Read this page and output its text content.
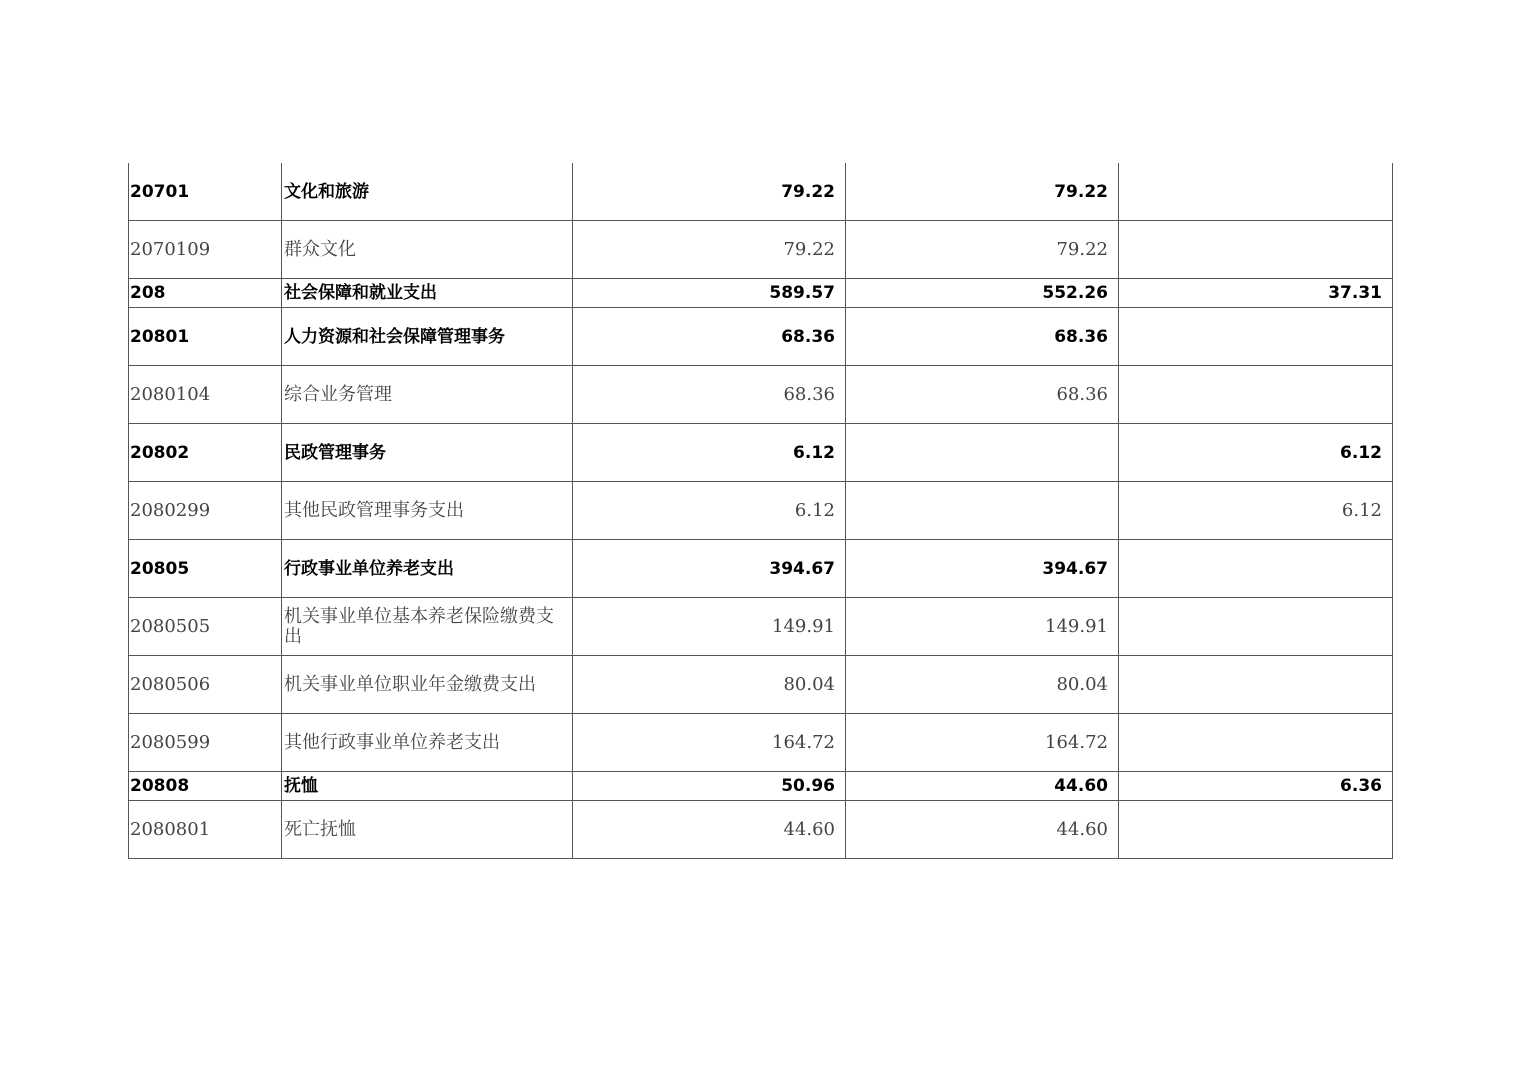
20701	文化和旅游	79.22	79.22	
2070109	群众文化	79.22	79.22	
208	社会保障和就业支出	589.57	552.26	37.31
20801	人力资源和社会保障管理事务	68.36	68.36	
2080104	综合业务管理	68.36	68.36	
20802	民政管理事务	6.12		6.12
2080299	其他民政管理事务支出	6.12		6.12
20805	行政事业单位养老支出	394.67	394.67	
2080505	机关事业单位基本养老保险缴费支出	149.91	149.91	
2080506	机关事业单位职业年金缴费支出	80.04	80.04	
2080599	其他行政事业单位养老支出	164.72	164.72	
20808	抚恤	50.96	44.60	6.36
2080801	死亡抚恤	44.60	44.60	
